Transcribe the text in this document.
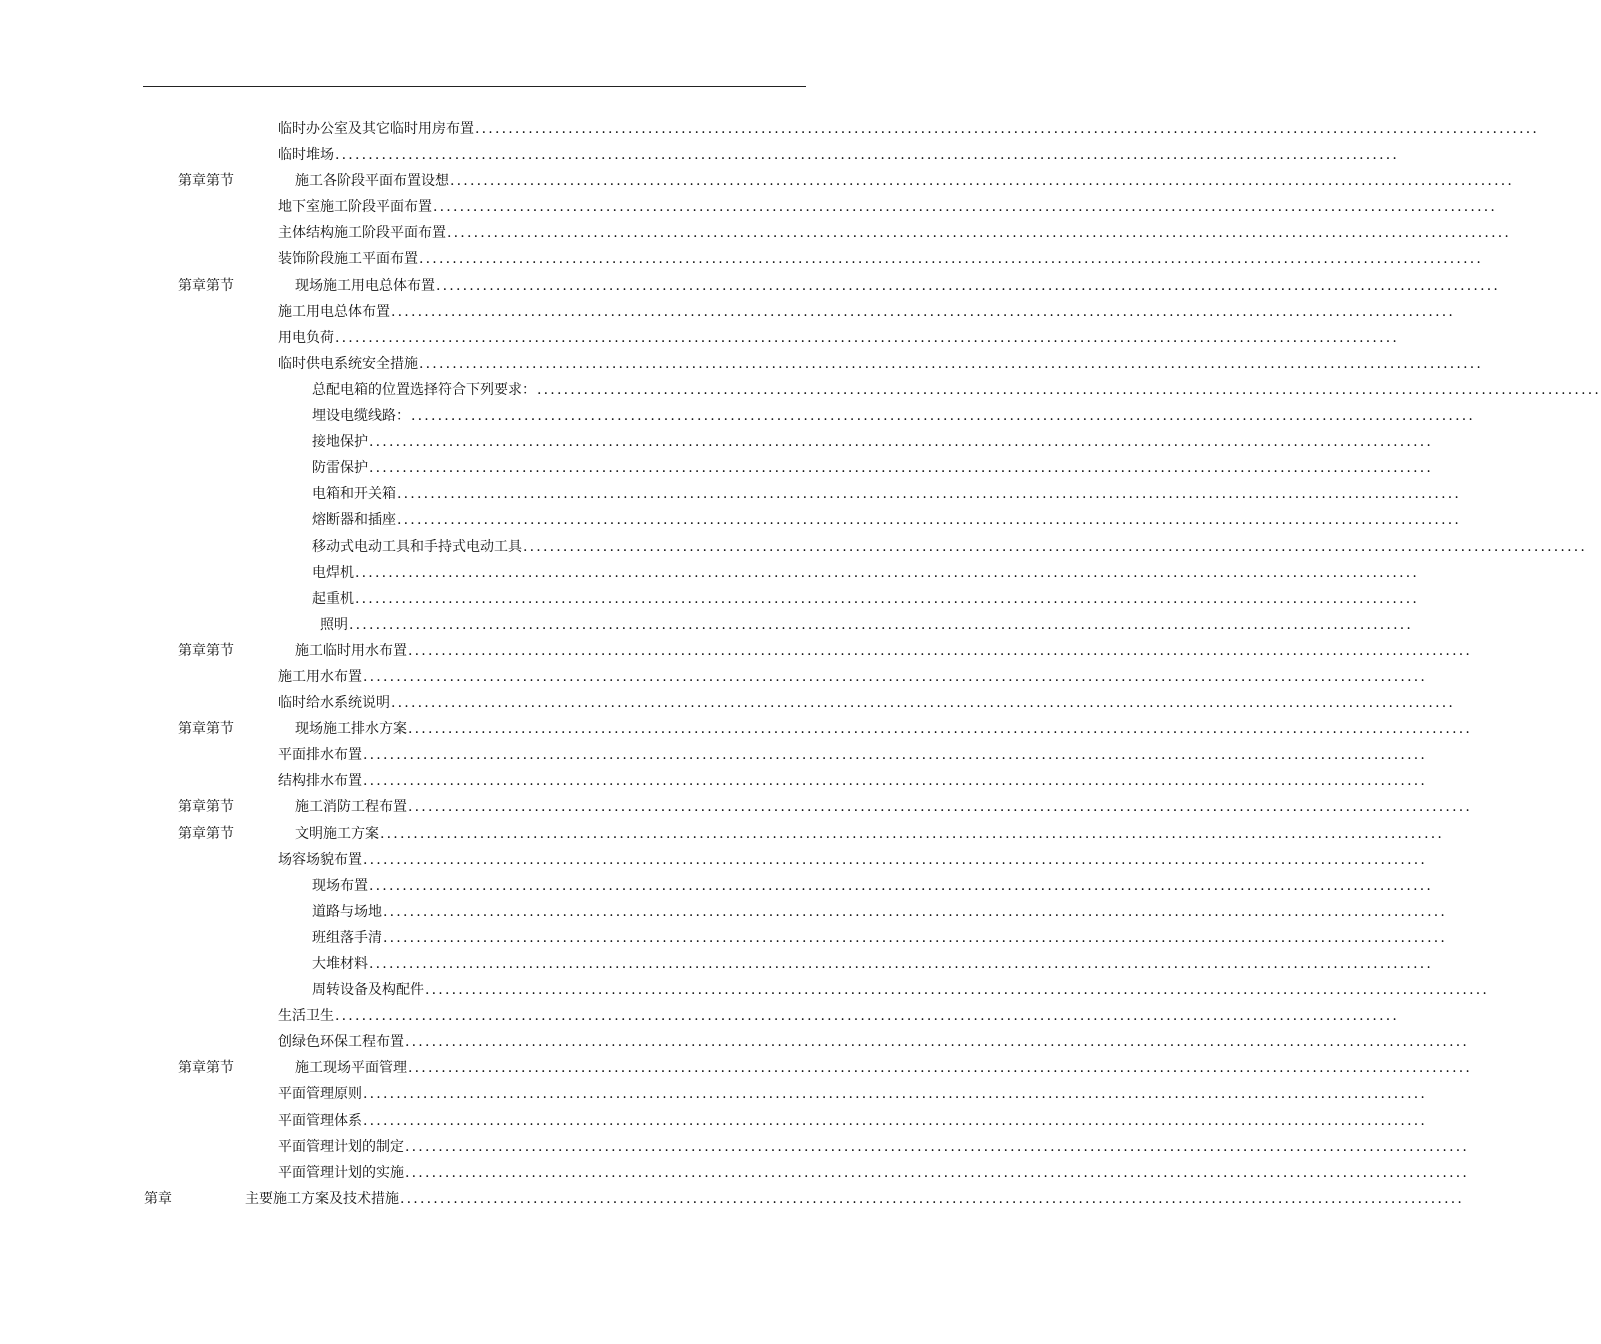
临时办公室及其它临时用房布置 ................................................................................................................................................................
临时堆场 ................................................................................................................................................................
第章第节	施工各阶段平面布置设想 ................................................................................................................................................................
地下室施工阶段平面布置 ................................................................................................................................................................
主体结构施工阶段平面布置 ................................................................................................................................................................
装饰阶段施工平面布置 ................................................................................................................................................................
第章第节	现场施工用电总体布置 ................................................................................................................................................................
施工用电总体布置 ................................................................................................................................................................
用电负荷 ................................................................................................................................................................
临时供电系统安全措施 ................................................................................................................................................................
总配电箱的位置选择符合下列要求： ................................................................................................................................................................
埋设电缆线路： ................................................................................................................................................................
接地保护 ................................................................................................................................................................
防雷保护 ................................................................................................................................................................
电箱和开关箱 ................................................................................................................................................................
熔断器和插座 ................................................................................................................................................................
移动式电动工具和手持式电动工具 ................................................................................................................................................................
电焊机 ................................................................................................................................................................
起重机 ................................................................................................................................................................
照明 ................................................................................................................................................................
第章第节	施工临时用水布置 ................................................................................................................................................................
施工用水布置 ................................................................................................................................................................
临时给水系统说明 ................................................................................................................................................................
第章第节	现场施工排水方案 ................................................................................................................................................................
平面排水布置 ................................................................................................................................................................
结构排水布置 ................................................................................................................................................................
第章第节	施工消防工程布置 ................................................................................................................................................................
第章第节	文明施工方案 ................................................................................................................................................................
场容场貌布置 ................................................................................................................................................................
现场布置 ................................................................................................................................................................
道路与场地 ................................................................................................................................................................
班组落手清 ................................................................................................................................................................
大堆材料 ................................................................................................................................................................
周转设备及构配件 ................................................................................................................................................................
生活卫生 ................................................................................................................................................................
创绿色环保工程布置 ................................................................................................................................................................
第章第节	施工现场平面管理 ................................................................................................................................................................
平面管理原则 ................................................................................................................................................................
平面管理体系 ................................................................................................................................................................
平面管理计划的制定 ................................................................................................................................................................
平面管理计划的实施 ................................................................................................................................................................
第章	主要施工方案及技术措施 ................................................................................................................................................................
